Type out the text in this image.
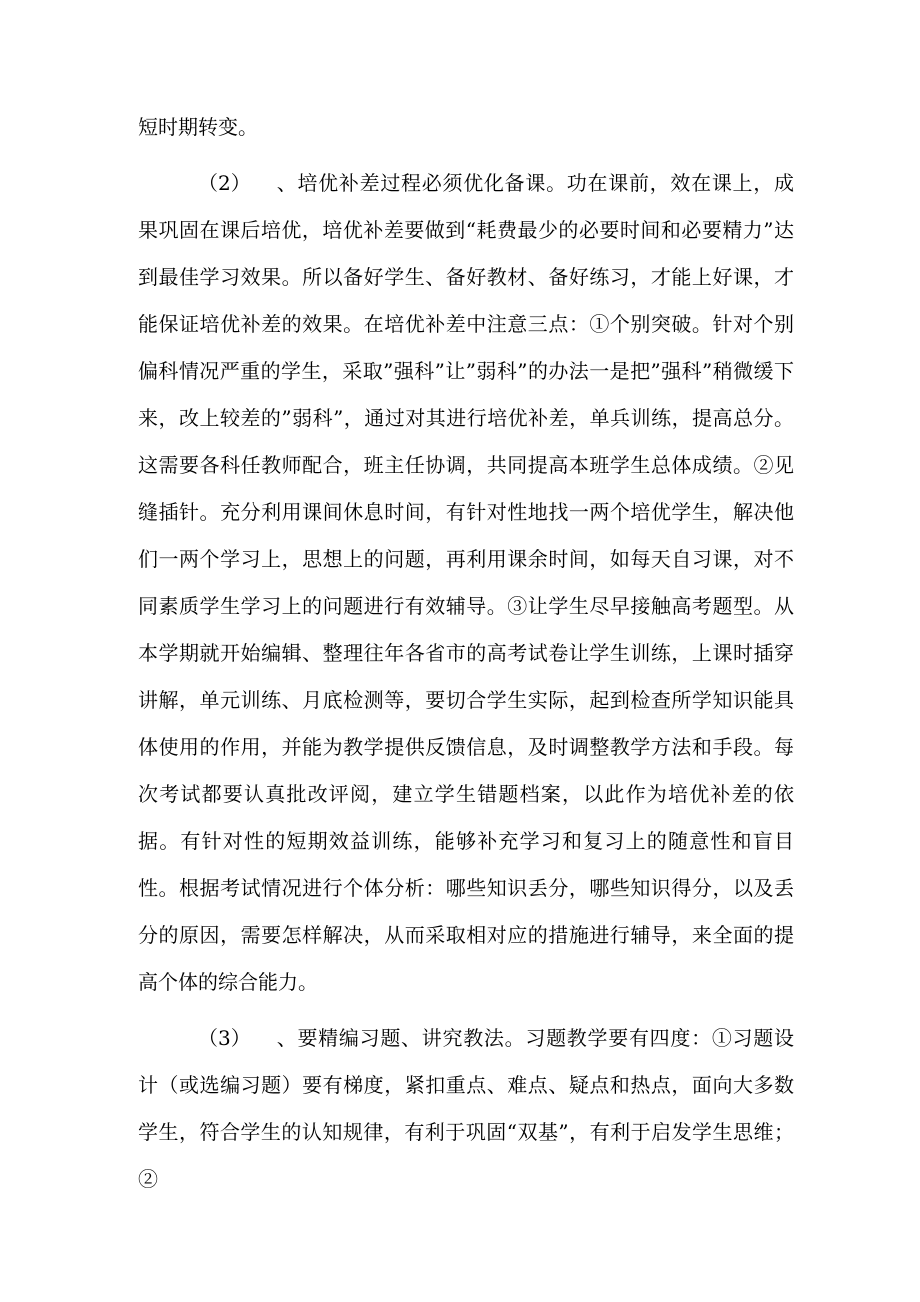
短时期转变。

（2） 、培优补差过程必须优化备课。功在课前，效在课上，成果巩固在课后培优，培优补差要做到“耗费最少的必要时间和必要精力”达到最佳学习效果。所以备好学生、备好教材、备好练习，才能上好课，才能保证培优补差的效果。在培优补差中注意三点：①个别突破。针对个别偏科情况严重的学生，采取”强科”让”弱科”的办法一是把”强科”稍微缓下来，改上较差的”弱科”，通过对其进行培优补差，单兵训练，提高总分。这需要各科任教师配合，班主任协调，共同提高本班学生总体成绩。②见缝插针。充分利用课间休息时间，有针对性地找一两个培优学生，解决他们一两个学习上，思想上的问题，再利用课余时间，如每天自习课，对不同素质学生学习上的问题进行有效辅导。③让学生尽早接触高考题型。从本学期就开始编辑、整理往年各省市的高考试卷让学生训练，上课时插穿讲解，单元训练、月底检测等，要切合学生实际，起到检查所学知识能具体使用的作用，并能为教学提供反馈信息，及时调整教学方法和手段。每次考试都要认真批改评阅，建立学生错题档案，以此作为培优补差的依据。有针对性的短期效益训练，能够补充学习和复习上的随意性和盲目性。根据考试情况进行个体分析：哪些知识丢分，哪些知识得分，以及丢分的原因，需要怎样解决，从而采取相对应的措施进行辅导，来全面的提高个体的综合能力。

（3） 、要精编习题、讲究教法。习题教学要有四度：①习题设计（或选编习题）要有梯度，紧扣重点、难点、疑点和热点，面向大多数学生，符合学生的认知规律，有利于巩固“双基”，有利于启发学生思维；②
